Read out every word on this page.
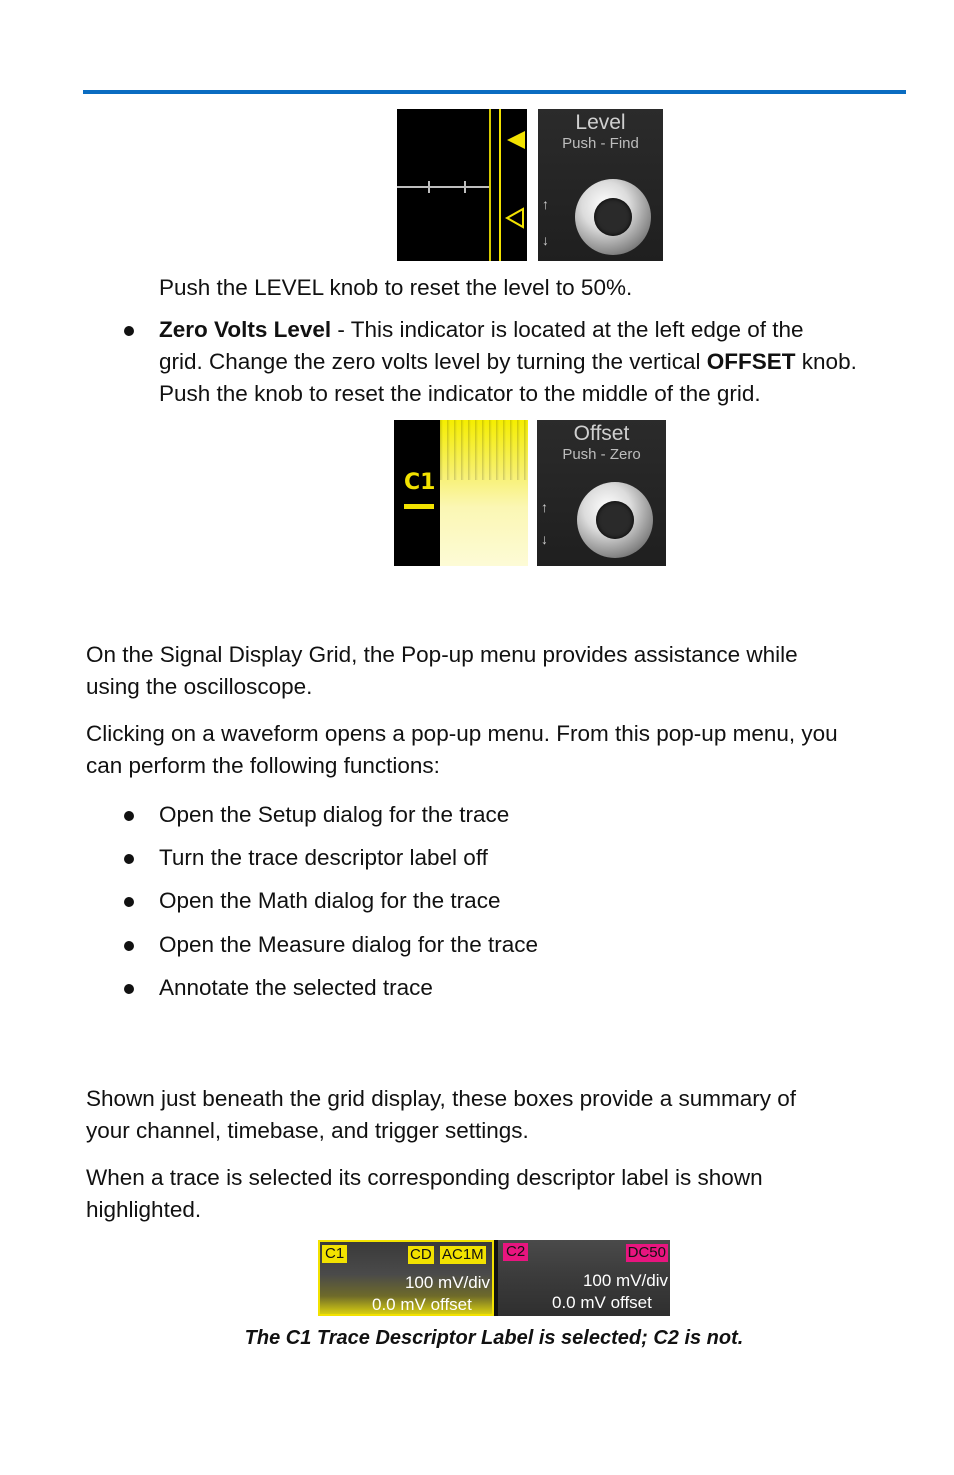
Level
Push - Find
↑
↓
Push the LEVEL knob to reset the level to 50%.
Zero Volts Level - This indicator is located at the left edge of the
grid. Change the zero volts level by turning the vertical OFFSET knob.
Push the knob to reset the indicator to the middle of the grid.
C1
Offset
Push - Zero
↑
↓
On the Signal Display Grid, the Pop-up menu provides assistance while
using the oscilloscope.
Clicking on a waveform opens a pop-up menu. From this pop-up menu, you
can perform the following functions:
Open the Setup dialog for the trace
Turn the trace descriptor label off
Open the Math dialog for the trace
Open the Measure dialog for the trace
Annotate the selected trace
Shown just beneath the grid display, these boxes provide a summary of
your channel, timebase, and trigger settings.
When a trace is selected its corresponding descriptor label is shown
highlighted.
C1	CD AC1M
100 mV/div
0.0 mV offset
C2	DC50
100 mV/div
0.0 mV offset
The C1 Trace Descriptor Label is selected; C2 is not.
